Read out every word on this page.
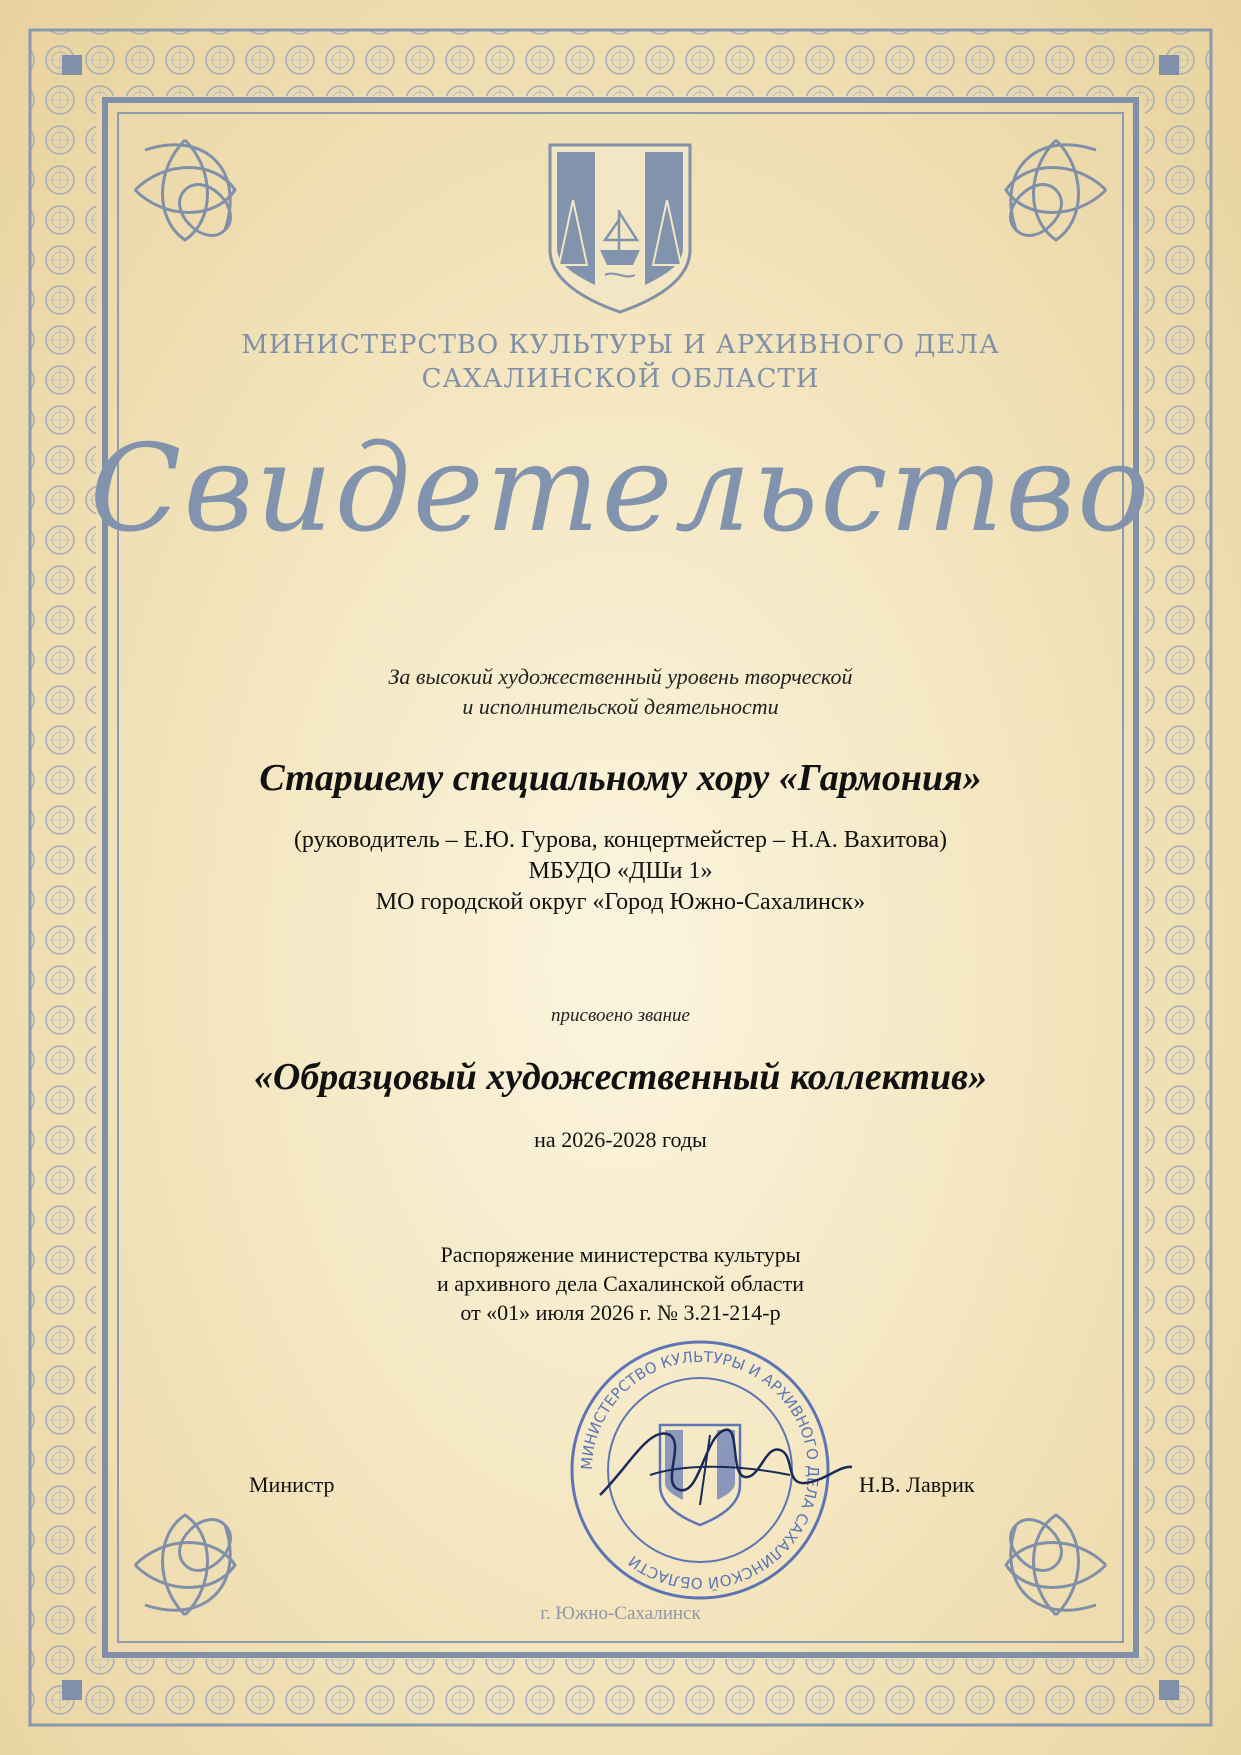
МИНИСТЕРСТВО КУЛЬТУРЫ И АРХИВНОГО ДЕЛА
САХАЛИНСКОЙ ОБЛАСТИ
Свидетельство
За высокий художественный уровень творческой
и исполнительской деятельности
Старшему специальному хору «Гармония»
(руководитель – Е.Ю. Гурова, концертмейстер – Н.А. Вахитова)
МБУДО «ДШи 1»
МО городской округ «Город Южно-Сахалинск»
присвоено звание
«Образцовый художественный коллектив»
на 2026-2028 годы
Распоряжение министерства культуры
и архивного дела Сахалинской области
от «01» июля 2026 г. № 3.21-214-р
МИНИСТЕРСТВО КУЛЬТУРЫ И АРХИВНОГО ДЕЛА САХАЛИНСКОЙ ОБЛАСТИ
Министр	Н.В. Лаврик
г. Южно-Сахалинск
